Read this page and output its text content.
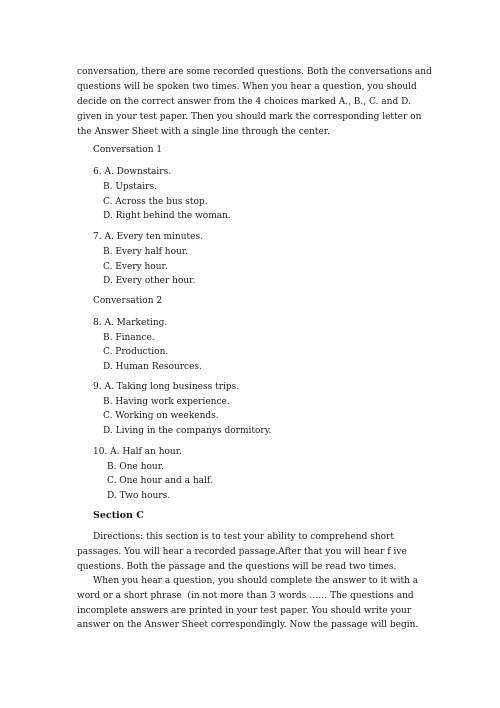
conversation, there are some recorded questions. Both the conversations and
questions will be spoken two times. When you hear a question, you should
decide on the correct answer from the 4 choices marked A., B., C. and D.
given in your test paper. Then you should mark the corresponding letter on
the Answer Sheet with a single line through the center.
Conversation 1
6. A. Downstairs.
B. Upstairs.
C. Across the bus stop.
D. Right behind the woman.
7. A. Every ten minutes.
B. Every half hour.
C. Every hour.
D. Every other hour.
Conversation 2
8. A. Marketing.
B. Finance.
C. Production.
D. Human Resources.
9. A. Taking long business trips.
B. Having work experience.
C. Working on weekends.
D. Living in the companys dormitory.
10. A. Half an hour.
B. One hour.
C. One hour and a half.
D. Two hours.
Section C
Directions: this section is to test your ability to comprehend short
passages. You will hear a recorded passage.After that you will hear f ive
questions. Both the passage and the questions will be read two times.
When you hear a question, you should complete the answer to it with a
word or a short phrase  (in not more than 3 words …… The questions and
incomplete answers are printed in your test paper. You should write your
answer on the Answer Sheet correspondingly. Now the passage will begin.
